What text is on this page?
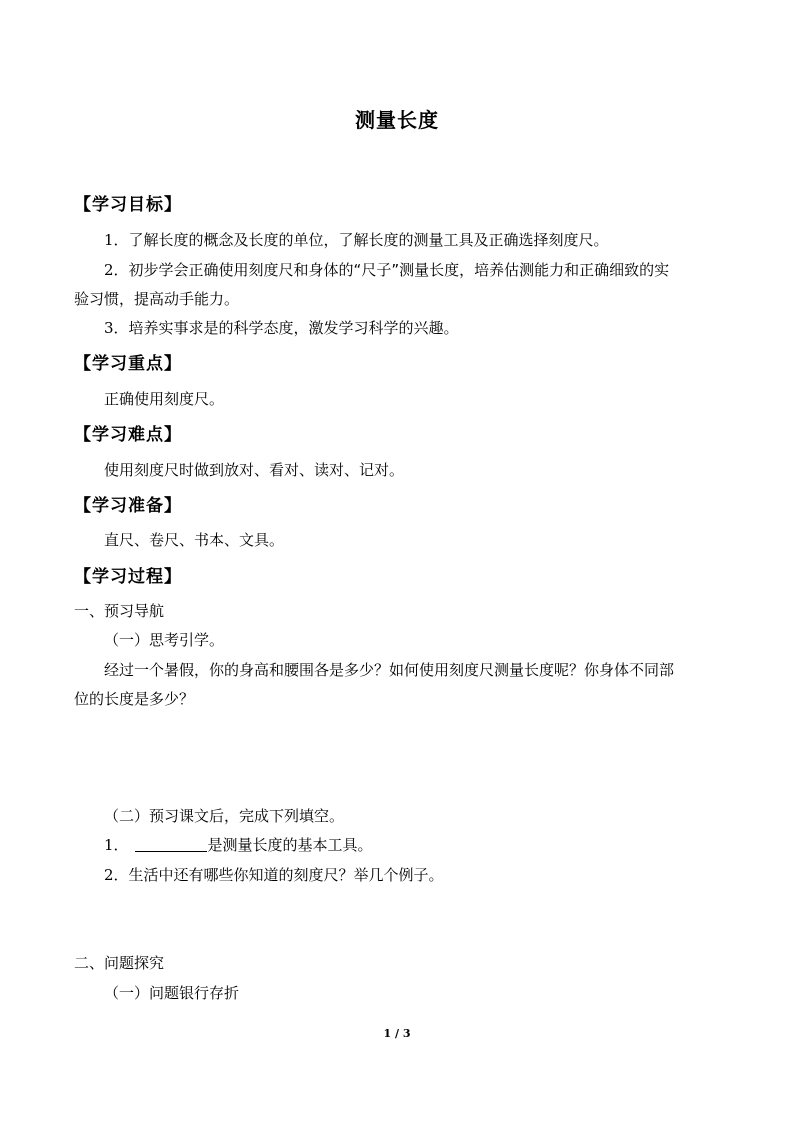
测量长度
【学习目标】
1．了解长度的概念及长度的单位，了解长度的测量工具及正确选择刻度尺。
2．初步学会正确使用刻度尺和身体的“尺子”测量长度，培养估测能力和正确细致的实
验习惯，提高动手能力。
3．培养实事求是的科学态度，激发学习科学的兴趣。
【学习重点】
正确使用刻度尺。
【学习难点】
使用刻度尺时做到放对、看对、读对、记对。
【学习准备】
直尺、卷尺、书本、文具。
【学习过程】
一、预习导航
（一）思考引学。
经过一个暑假，你的身高和腰围各是多少？如何使用刻度尺测量长度呢？你身体不同部
位的长度是多少？
（二）预习课文后，完成下列填空。
1．	是测量长度的基本工具。
2．生活中还有哪些你知道的刻度尺？举几个例子。
二、问题探究
（一）问题银行存折
1 / 3
